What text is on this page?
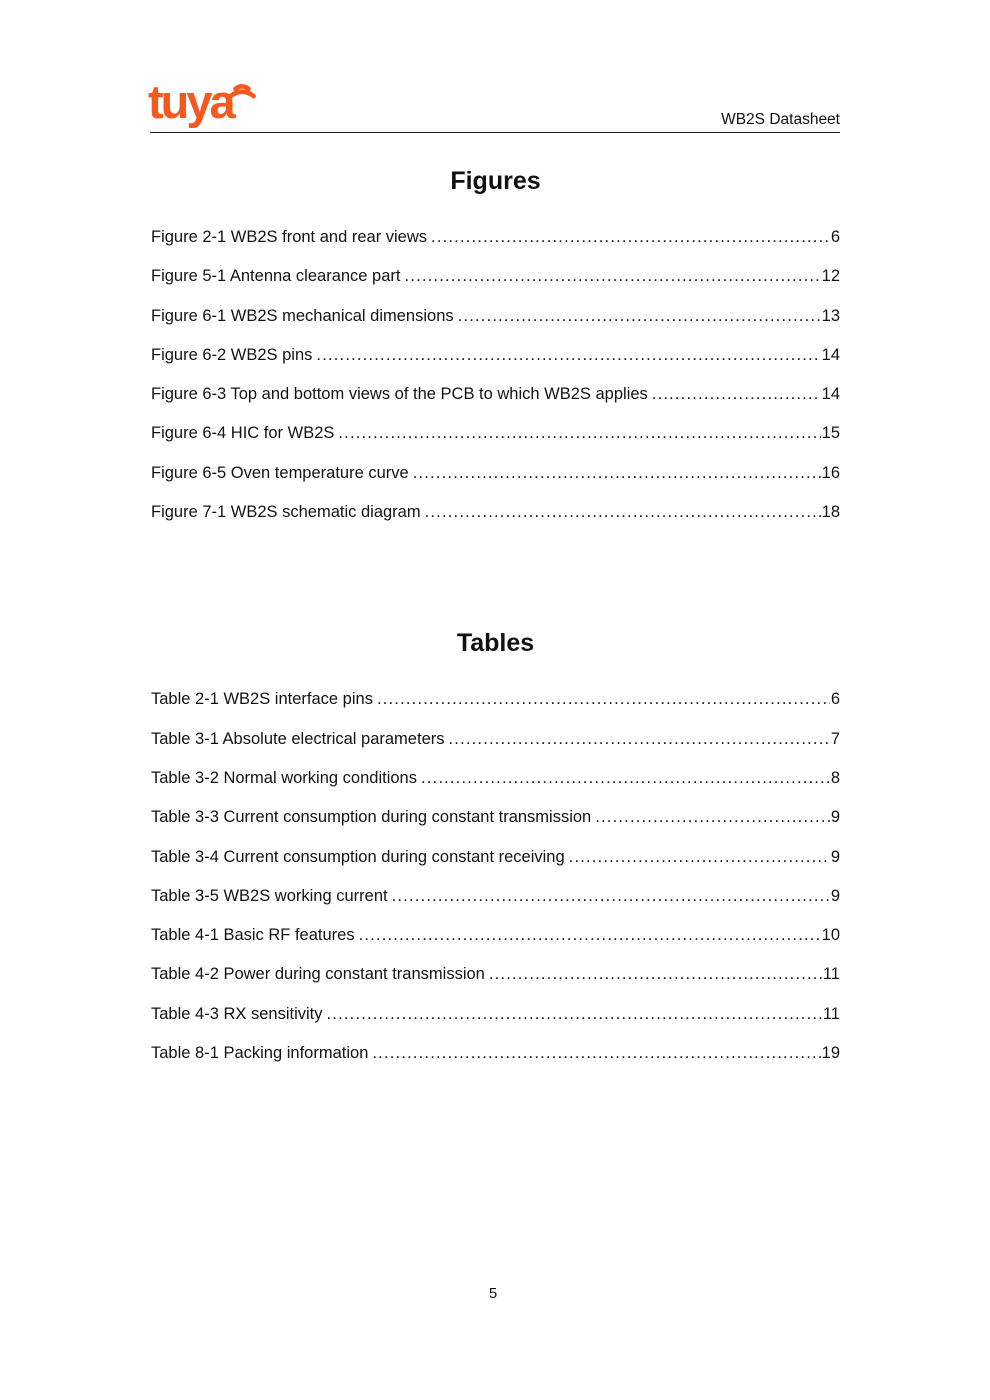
tuya	WB2S Datasheet
Figures
Figure 2-1 WB2S front and rear views .....	6
Figure 5-1 Antenna clearance part .....	12
Figure 6-1 WB2S mechanical dimensions .....	13
Figure 6-2 WB2S pins .....	14
Figure 6-3 Top and bottom views of the PCB to which WB2S applies .....	14
Figure 6-4 HIC for WB2S .....	15
Figure 6-5 Oven temperature curve .....	16
Figure 7-1 WB2S schematic diagram .....	18
Tables
Table 2-1 WB2S interface pins .....	6
Table 3-1 Absolute electrical parameters .....	7
Table 3-2 Normal working conditions .....	8
Table 3-3 Current consumption during constant transmission .....	9
Table 3-4 Current consumption during constant receiving .....	9
Table 3-5 WB2S working current .....	9
Table 4-1 Basic RF features .....	10
Table 4-2 Power during constant transmission .....	11
Table 4-3 RX sensitivity .....	11
Table 8-1 Packing information .....	19
5
